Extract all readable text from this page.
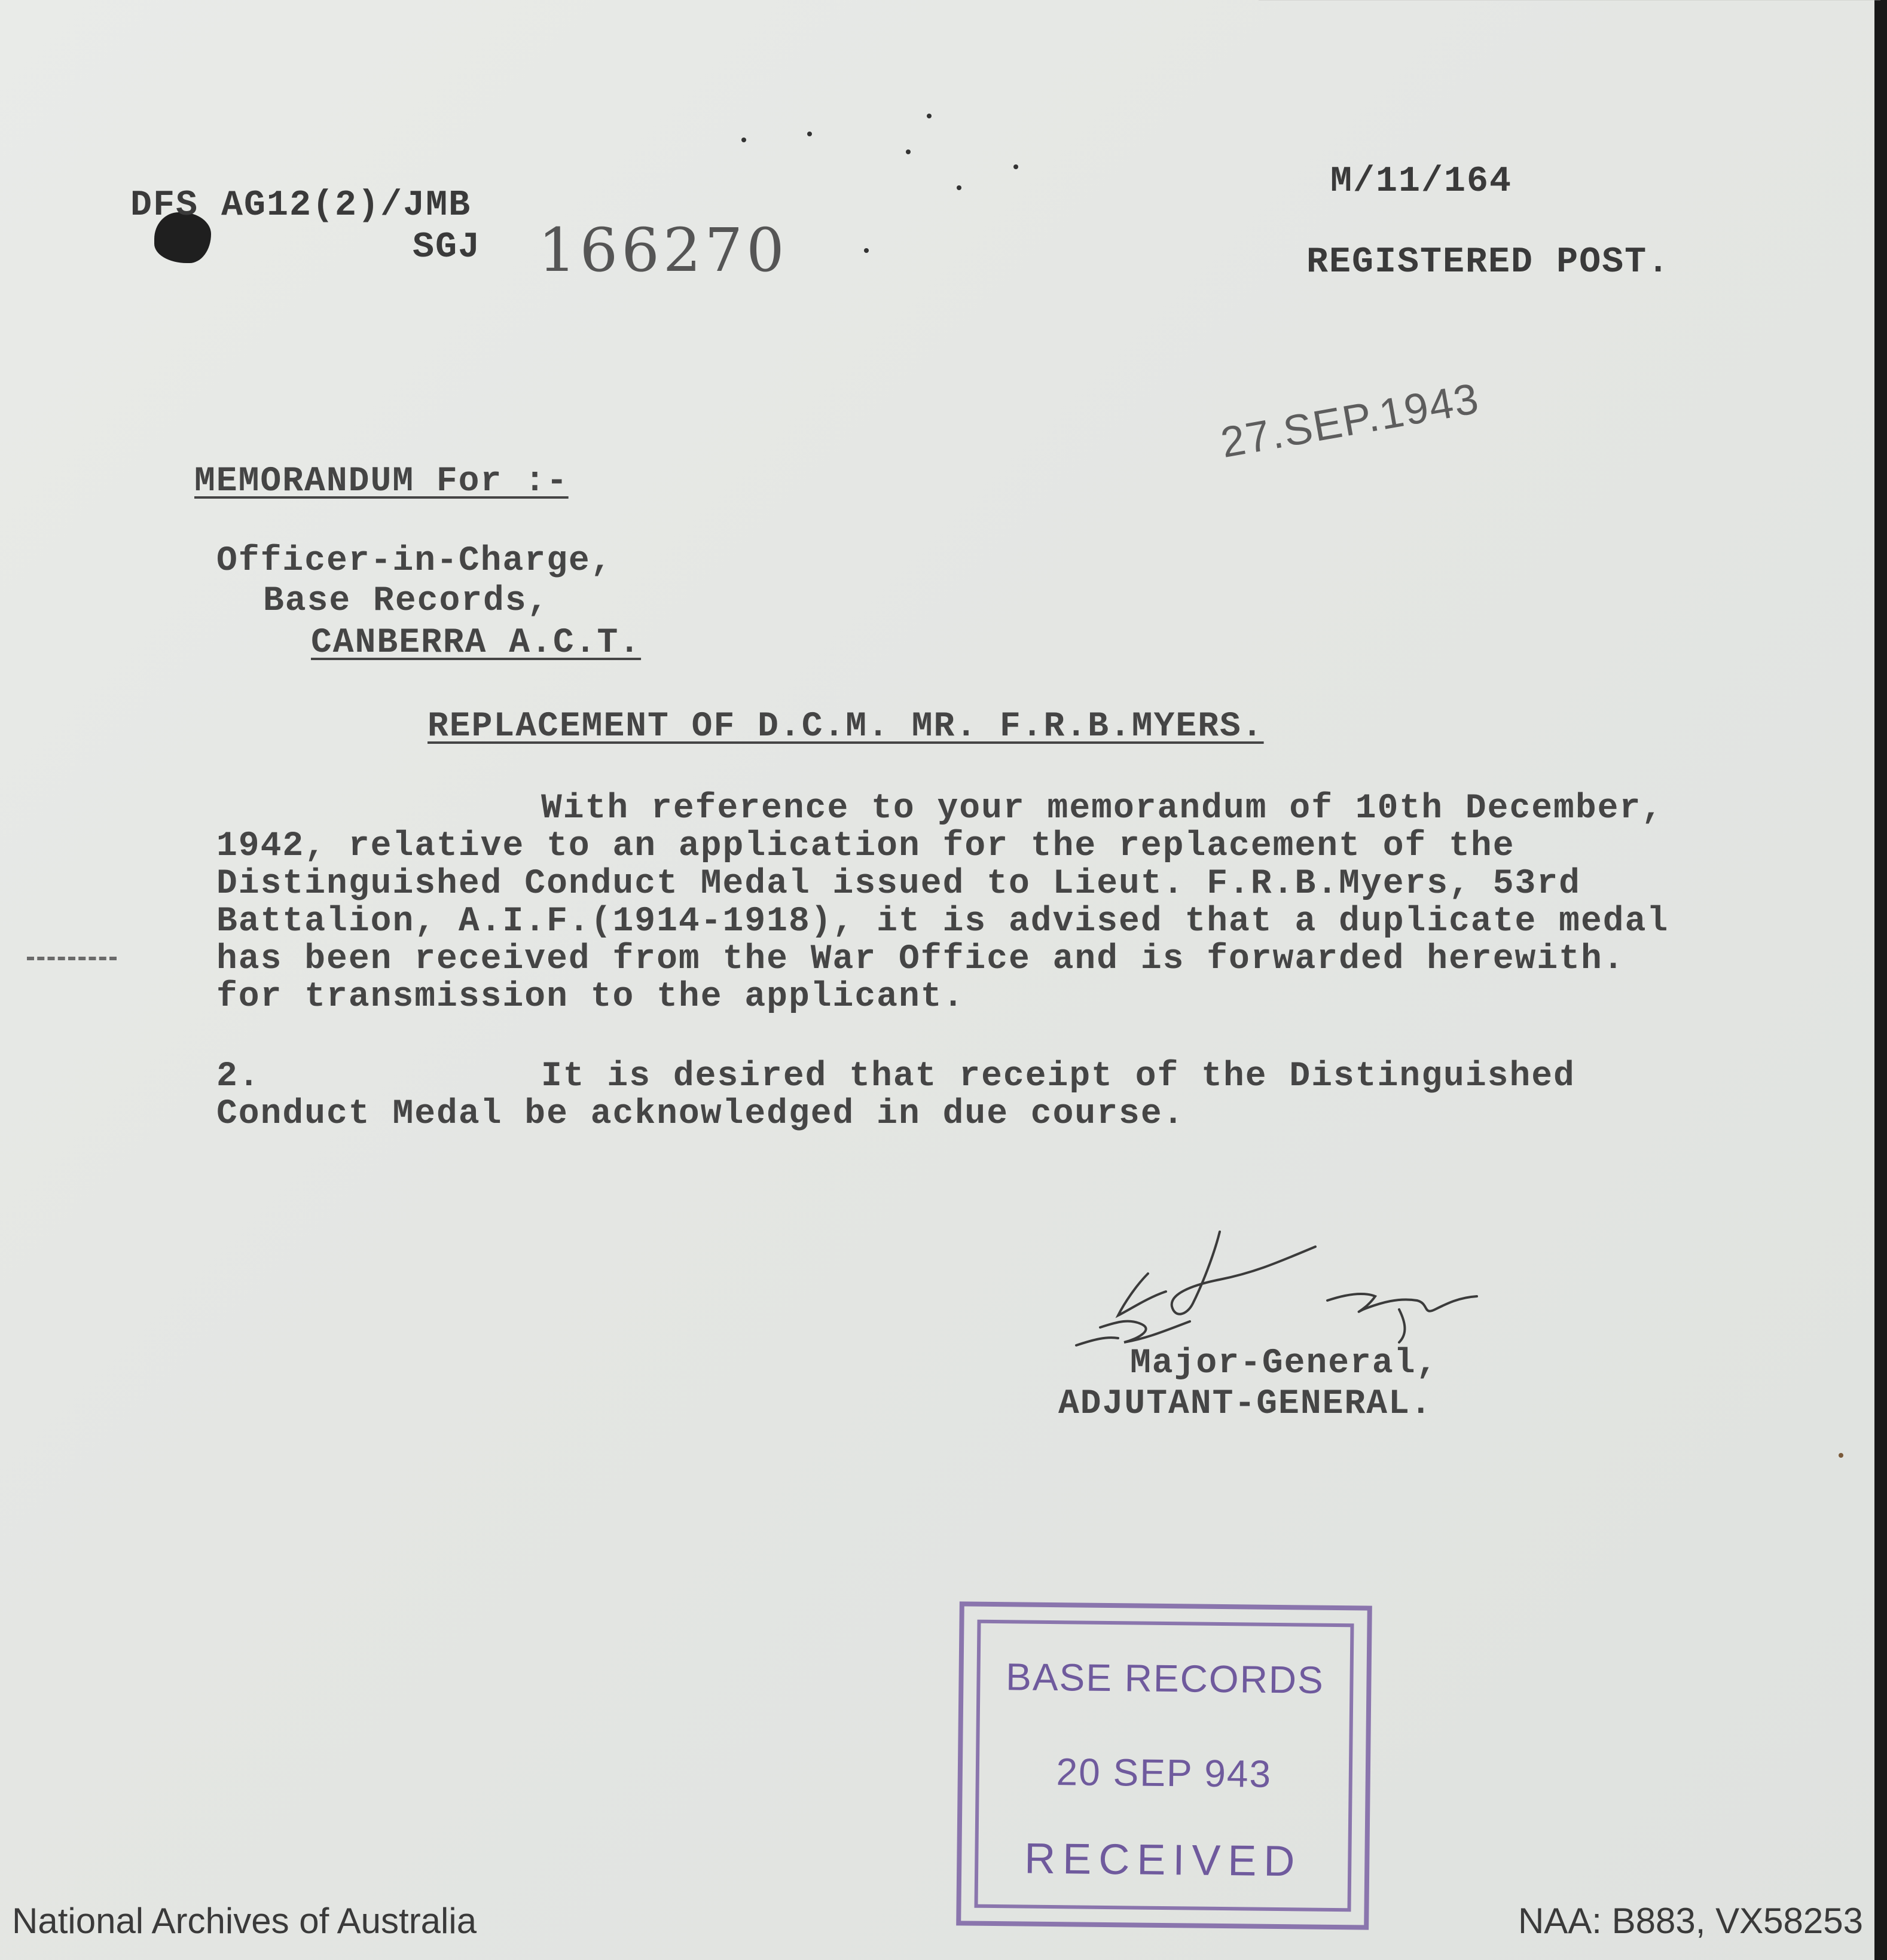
DFS AG12(2)/JMB

SGJ 166270

M/11/164

REGISTERED POST.

27.SEP.1943

MEMORANDUM For :-

Officer-in-Charge,

Base Records,

CANBERRA A.C.T.

REPLACEMENT OF D.C.M. MR. F.R.B.MYERS.

With reference to your memorandum of 10th December,

1942, relative to an application for the replacement of the

Distinguished Conduct Medal issued to Lieut. F.R.B.Myers, 53rd

Battalion, A.I.F.(1914-1918), it is advised that a duplicate medal

has been received from the War Office and is forwarded herewith.

for transmission to the applicant.

2.	It is desired that receipt of the Distinguished

Conduct Medal be acknowledged in due course.

Major-General,

ADJUTANT-GENERAL.

BASE RECORDS

20 SEP 943

RECEIVED

National Archives of Australia	NAA: B883, VX58253
